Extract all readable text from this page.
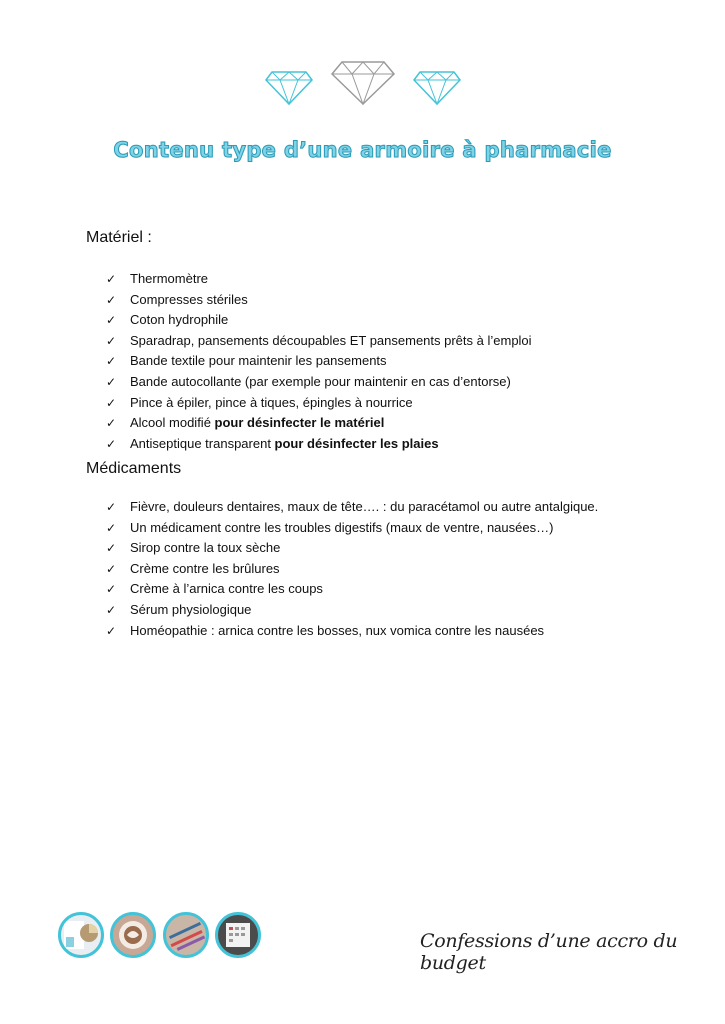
Contenu type d’une armoire à pharmacie
Matériel :
✓ Thermomètre
✓ Compresses stériles
✓ Coton hydrophile
✓ Sparadrap, pansements découpables ET pansements prêts à l’emploi
✓ Bande textile pour maintenir les pansements
✓ Bande autocollante (par exemple pour maintenir en cas d’entorse)
✓ Pince à épiler, pince à tiques, épingles à nourrice
✓ Alcool modifié pour désinfecter le matériel
✓ Antiseptique transparent pour désinfecter les plaies
Médicaments
✓ Fièvre, douleurs dentaires, maux de tête…. : du paracétamol ou autre antalgique.
✓ Un médicament contre les troubles digestifs (maux de ventre, nausées…)
✓ Sirop contre la toux sèche
✓ Crème contre les brûlures
✓ Crème à l’arnica contre les coups
✓ Sérum physiologique
✓ Homéopathie : arnica contre les bosses, nux vomica contre les nausées
Confessions d’une accro du budget
